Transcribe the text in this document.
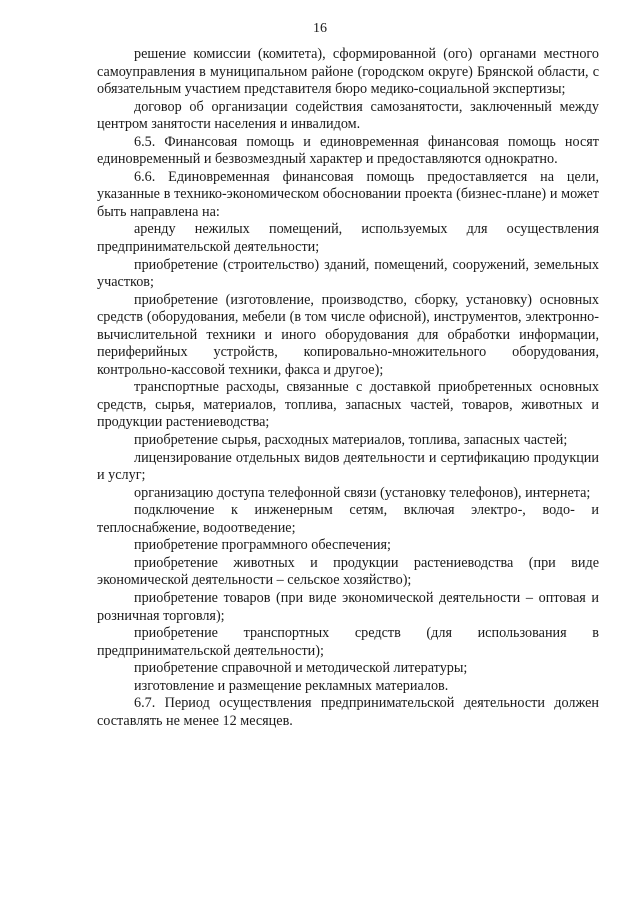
16

решение комиссии (комитета), сформированной (ого) органами местного самоуправления в муниципальном районе (городском округе) Брянской области, с обязательным участием представителя бюро медико-социальной экспертизы;

договор об организации содействия самозанятости, заключенный между центром занятости населения и инвалидом.

6.5. Финансовая помощь и единовременная финансовая помощь носят единовременный и безвозмездный характер и предоставляются однократно.

6.6. Единовременная финансовая помощь предоставляется на цели, указанные в технико-экономическом обосновании проекта (бизнес-плане) и может быть направлена на:

аренду нежилых помещений, используемых для осуществления предпринимательской деятельности;

приобретение (строительство) зданий, помещений, сооружений, земельных участков;

приобретение (изготовление, производство, сборку, установку) основных средств (оборудования, мебели (в том числе офисной), инструментов, электронно-вычислительной техники и иного оборудования для обработки информации, периферийных устройств, копировально-множительного оборудования, контрольно-кассовой техники, факса и другое);

транспортные расходы, связанные с доставкой приобретенных основных средств, сырья, материалов, топлива, запасных частей, товаров, животных и продукции растениеводства;

приобретение сырья, расходных материалов, топлива, запасных частей;

лицензирование отдельных видов деятельности и сертификацию продукции и услуг;

организацию доступа телефонной связи (установку телефонов), интернета;

подключение к инженерным сетям, включая электро-, водо- и теплоснабжение, водоотведение;

приобретение программного обеспечения;

приобретение животных и продукции растениеводства (при виде экономической деятельности – сельское хозяйство);

приобретение товаров (при виде экономической деятельности – оптовая и розничная торговля);

приобретение транспортных средств (для использования в предпринимательской деятельности);

приобретение справочной и методической литературы;

изготовление и размещение рекламных материалов.

6.7. Период осуществления предпринимательской деятельности должен составлять не менее 12 месяцев.
